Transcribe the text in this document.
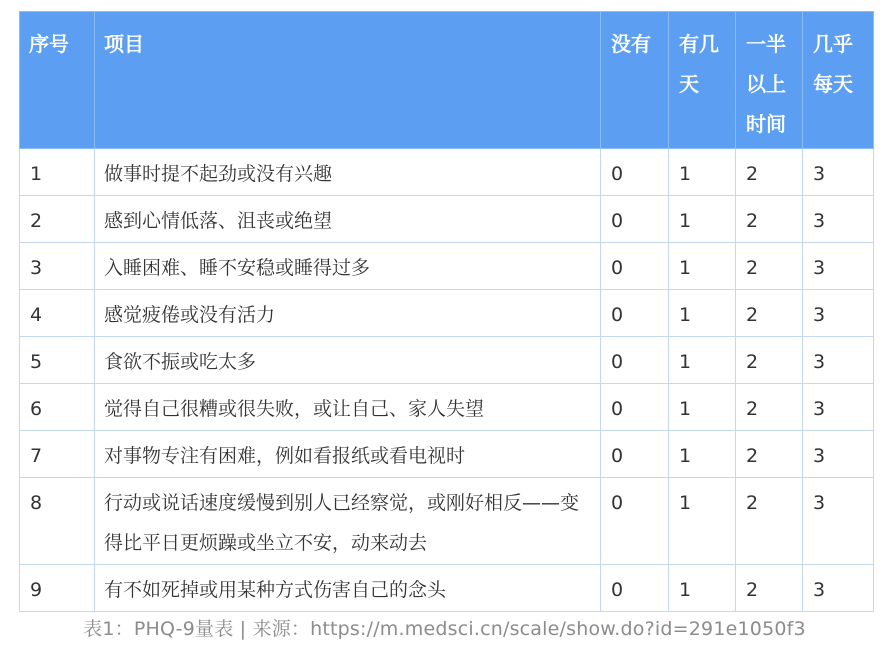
序号	项目	没有	有几天	一半以上时间	几乎每天
1	做事时提不起劲或没有兴趣	0	1	2	3
2	感到心情低落、沮丧或绝望	0	1	2	3
3	入睡困难、睡不安稳或睡得过多	0	1	2	3
4	感觉疲倦或没有活力	0	1	2	3
5	食欲不振或吃太多	0	1	2	3
6	觉得自己很糟或很失败，或让自己、家人失望	0	1	2	3
7	对事物专注有困难，例如看报纸或看电视时	0	1	2	3
8	行动或说话速度缓慢到别人已经察觉，或刚好相反——变得比平日更烦躁或坐立不安，动来动去	0	1	2	3
9	有不如死掉或用某种方式伤害自己的念头	0	1	2	3
表1：PHQ-9量表 | 来源：https://m.medsci.cn/scale/show.do?id=291e1050f3
